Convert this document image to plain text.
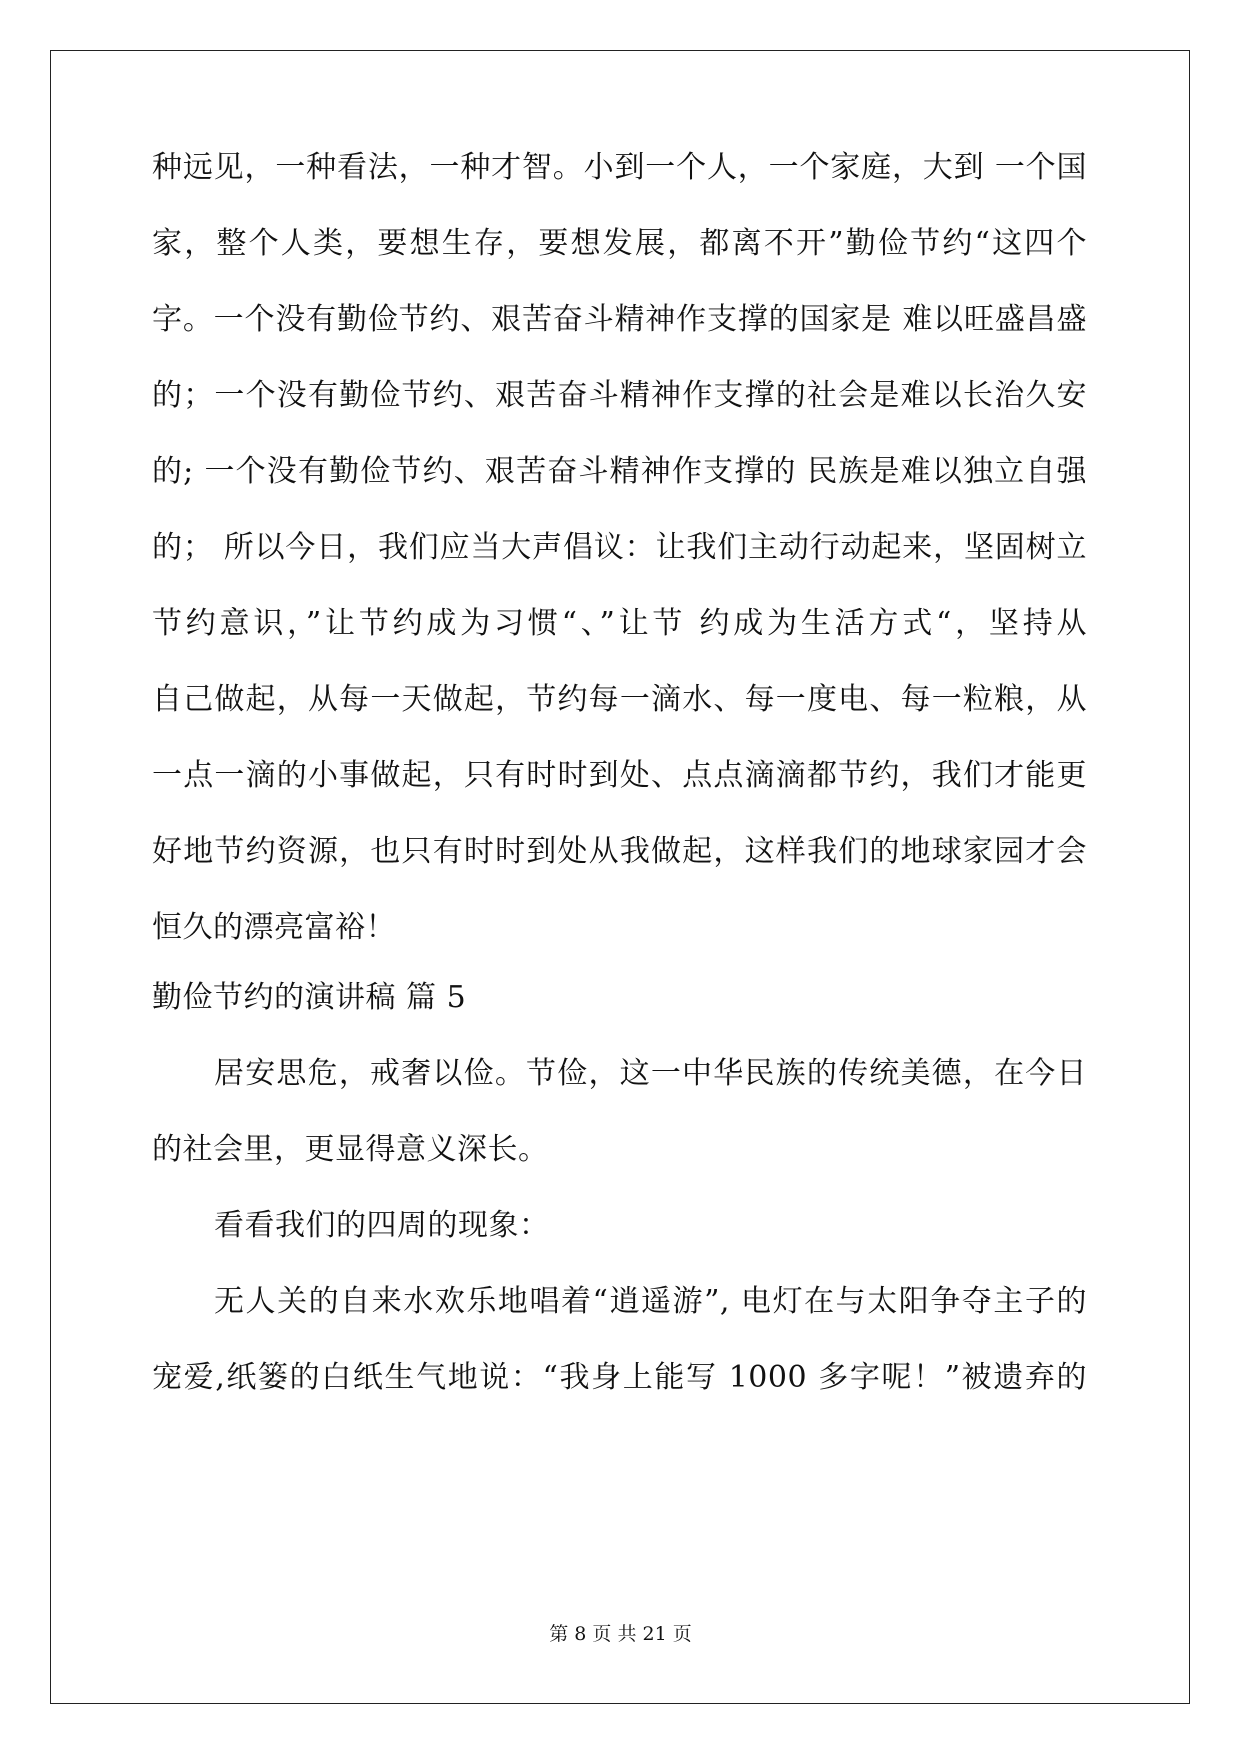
种远见，一种看法，一种才智。小到一个人，一个家庭，大到 一个国
家，整个人类，要想生存，要想发展，都离不开”勤俭节约“这四个
字。一个没有勤俭节约、艰苦奋斗精神作支撑的国家是 难以旺盛昌盛
的；一个没有勤俭节约、艰苦奋斗精神作支撑的社会是难以长治久安
的; 一个没有勤俭节约、艰苦奋斗精神作支撑的 民族是难以独立自强
的； 所以今日，我们应当大声倡议：让我们主动行动起来，坚固树立
节约意识，”让节约成为习惯“、”让节 约成为生活方式“，坚持从
自己做起，从每一天做起，节约每一滴水、每一度电、每一粒粮，从
一点一滴的小事做起，只有时时到处、点点滴滴都节约，我们才能更
好地节约资源，也只有时时到处从我做起，这样我们的地球家园才会
恒久的漂亮富裕！
勤俭节约的演讲稿 篇 5
居安思危，戒奢以俭。节俭，这一中华民族的传统美德，在今日
的社会里，更显得意义深长。
看看我们的四周的现象：
无人关的自来水欢乐地唱着“逍遥游”, 电灯在与太阳争夺主子的
宠爱,纸篓的白纸生气地说：“我身上能写 1000 多字呢！”被遗弃的
第 8 页 共 21 页
